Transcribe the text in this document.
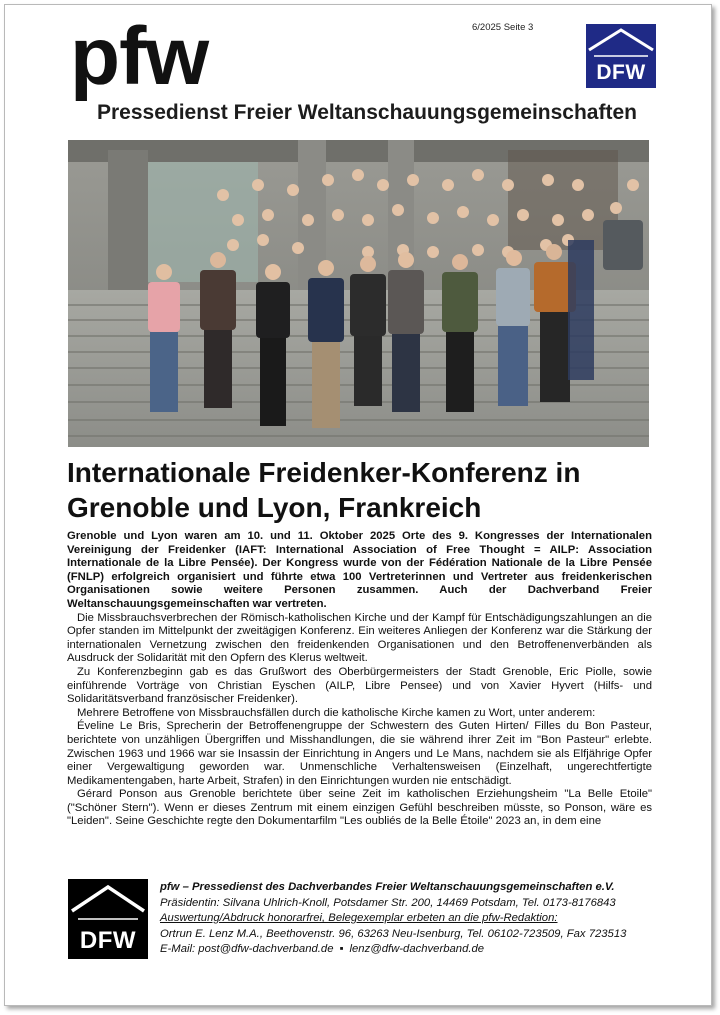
6/2025 Seite 3
DFW
pfw
Pressedienst Freier Weltanschauungsgemeinschaften
Internationale Freidenker-Konferenz in Grenoble und Lyon, Frankreich

Grenoble und Lyon waren am 10. und 11. Oktober 2025 Orte des 9. Kongresses der Internationalen Vereinigung der Freidenker (IAFT: International Association of Free Thought = AILP: Association Internationale de la Libre Pensée). Der Kongress wurde von der Fédération Nationale de la Libre Pensée (FNLP) erfolgreich organisiert und führte etwa 100 Vertreterinnen und Vertreter aus freidenkerischen Organisationen sowie weitere Personen zusammen. Auch der Dachverband Freier Weltanschauungsgemeinschaften war vertreten.

Die Missbrauchsverbrechen der Römisch-katholischen Kirche und der Kampf für Entschädigungszahlungen an die Opfer standen im Mittelpunkt der zweitägigen Konferenz. Ein weiteres Anliegen der Konferenz war die Stärkung der internationalen Vernetzung zwischen den freidenkenden Organisationen und den Betroffenenverbänden als Ausdruck der Solidarität mit den Opfern des Klerus weltweit.

Zu Konferenzbeginn gab es das Grußwort des Oberbürgermeisters der Stadt Grenoble, Eric Piolle, sowie einführende Vorträge von Christian Eyschen (AILP, Libre Pensee) und von Xavier Hyvert (Hilfs- und Solidaritätsverband französischer Freidenker).

Mehrere Betroffene von Missbrauchsfällen durch die katholische Kirche kamen zu Wort, unter anderem:

Éveline Le Bris, Sprecherin der Betroffenengruppe der Schwestern des Guten Hirten/ Filles du Bon Pasteur, berichtete von unzähligen Übergriffen und Misshandlungen, die sie während ihrer Zeit im "Bon Pasteur" erlebte. Zwischen 1963 und 1966 war sie Insassin der Einrichtung in Angers und Le Mans, nachdem sie als Elfjährige Opfer einer Vergewaltigung geworden war. Unmenschliche Verhaltensweisen (Einzelhaft, ungerechtfertigte Medikamentengaben, harte Arbeit, Strafen) in den Einrichtungen wurden nie entschädigt.

Gérard Ponson aus Grenoble berichtete über seine Zeit im katholischen Erziehungsheim "La Belle Etoile" ("Schöner Stern"). Wenn er dieses Zentrum mit einem einzigen Gefühl beschreiben müsste, so Ponson, wäre es "Leiden". Seine Geschichte regte den Dokumentarfilm "Les oubliés de la Belle Étoile" 2023 an, in dem eine

DFW
pfw – Pressedienst des Dachverbandes Freier Weltanschauungsgemeinschaften e.V.
Präsidentin: Silvana Uhlrich-Knoll, Potsdamer Str. 200, 14469 Potsdam, Tel. 0173-8176843
Auswertung/Abdruck honorarfrei, Belegexemplar erbeten an die pfw-Redaktion:
Ortrun E. Lenz M.A., Beethovenstr. 96, 63263 Neu-Isenburg, Tel. 06102-723509, Fax 723513
E-Mail: post@dfw-dachverband.de ▪ lenz@dfw-dachverband.de
